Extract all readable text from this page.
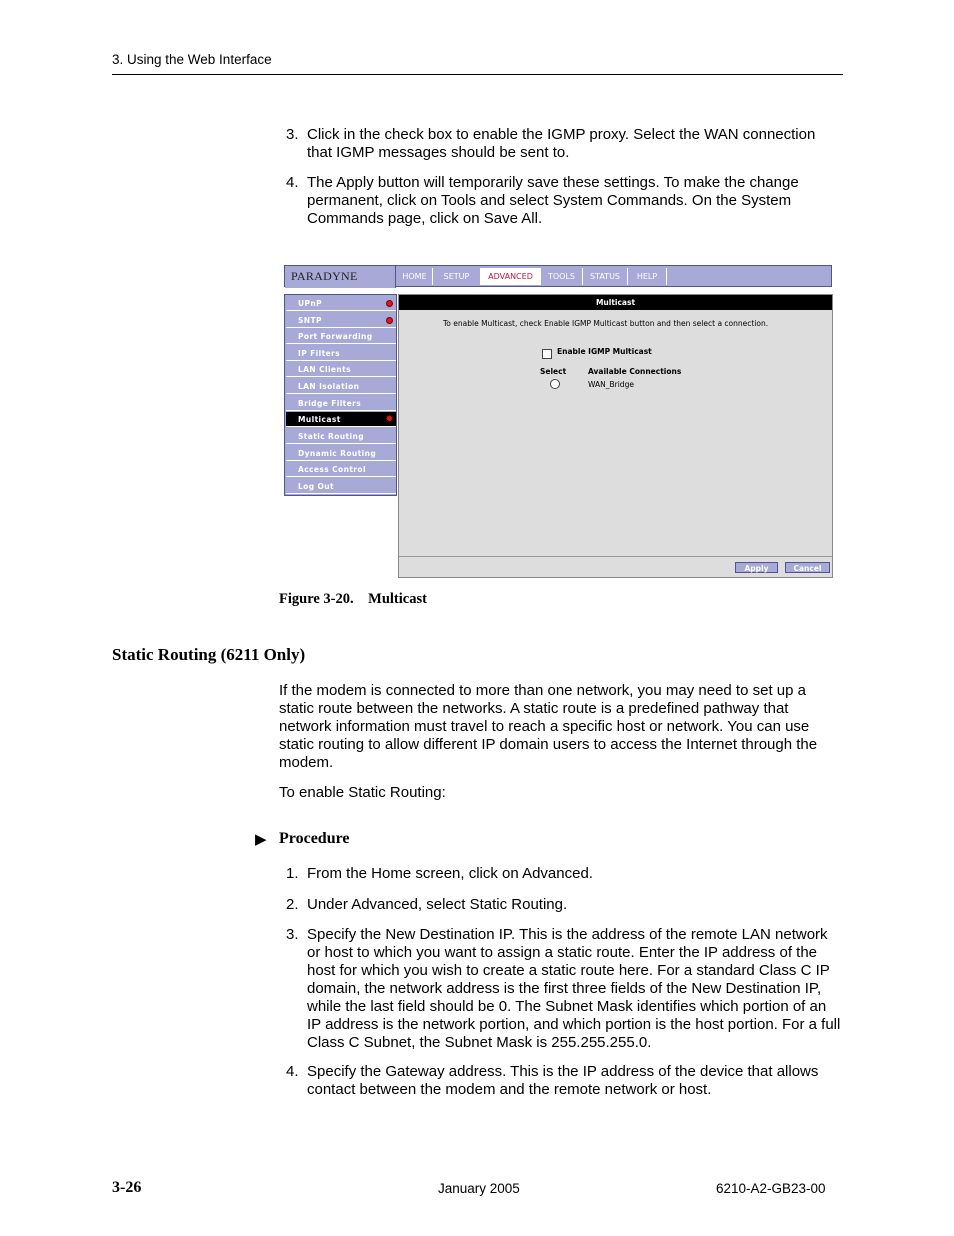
3. Using the Web Interface
3. Click in the check box to enable the IGMP proxy. Select the WAN connection that IGMP messages should be sent to.
4. The Apply button will temporarily save these settings. To make the change permanent, click on Tools and select System Commands. On the System Commands page, click on Save All.
PARADYNE	HOME	SETUP	ADVANCED	TOOLS	STATUS	HELP
UPnP
SNTP
Port Forwarding
IP Filters
LAN Clients
LAN Isolation
Bridge Filters
Multicast	✹
Static Routing
Dynamic Routing
Access Control
Log Out
Multicast
To enable Multicast, check Enable IGMP Multicast button and then select a connection.
Enable IGMP Multicast
Select	Available Connections
WAN_Bridge
Apply	Cancel
Figure 3-20.    Multicast
Static Routing (6211 Only)
If the modem is connected to more than one network, you may need to set up a static route between the networks. A static route is a predefined pathway that network information must travel to reach a specific host or network. You can use static routing to allow different IP domain users to access the Internet through the modem.
To enable Static Routing:
▶ Procedure
1. From the Home screen, click on Advanced.
2. Under Advanced, select Static Routing.
3. Specify the New Destination IP. This is the address of the remote LAN network or host to which you want to assign a static route. Enter the IP address of the host for which you wish to create a static route here. For a standard Class C IP domain, the network address is the first three fields of the New Destination IP, while the last field should be 0. The Subnet Mask identifies which portion of an IP address is the network portion, and which portion is the host portion. For a full Class C Subnet, the Subnet Mask is 255.255.255.0.
4. Specify the Gateway address. This is the IP address of the device that allows contact between the modem and the remote network or host.
3-26	January 2005	6210-A2-GB23-00
